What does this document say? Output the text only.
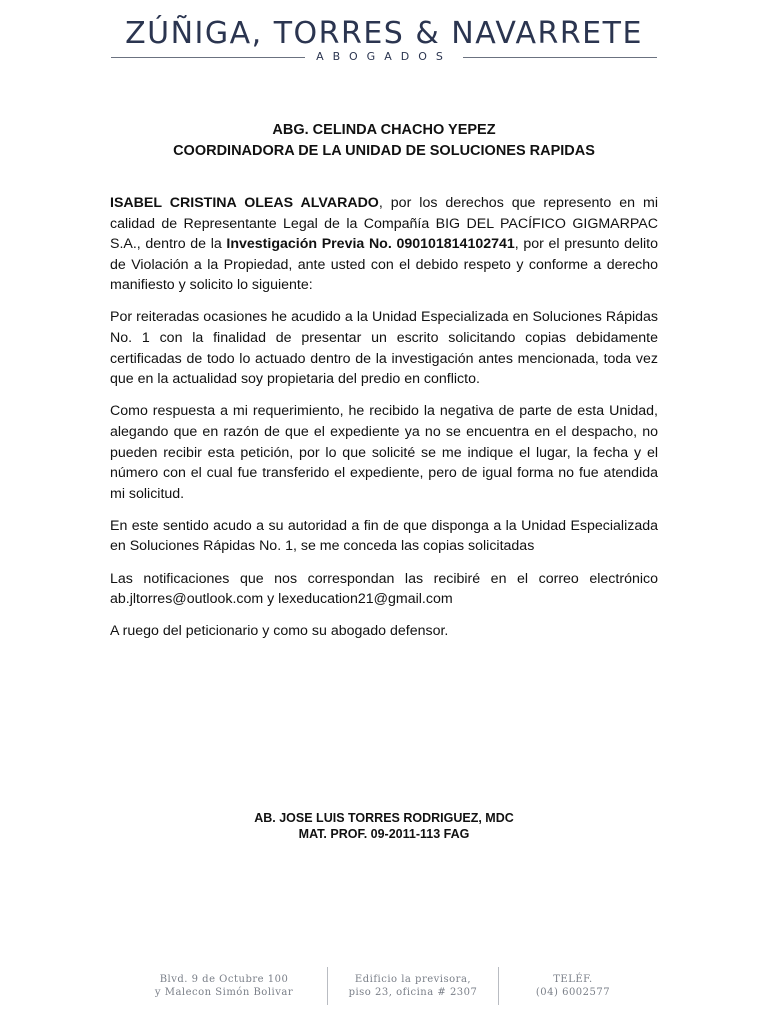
ZÚÑIGA, TORRES & NAVARRETE
ABOGADOS
ABG. CELINDA CHACHO YEPEZ
COORDINADORA DE LA UNIDAD DE SOLUCIONES RAPIDAS

ISABEL CRISTINA OLEAS ALVARADO, por los derechos que represento en mi calidad de Representante Legal de la Compañía BIG DEL PACÍFICO GIGMARPAC S.A., dentro de la Investigación Previa No. 090101814102741, por el presunto delito de Violación a la Propiedad, ante usted con el debido respeto y conforme a derecho manifiesto y solicito lo siguiente:

Por reiteradas ocasiones he acudido a la Unidad Especializada en Soluciones Rápidas No. 1 con la finalidad de presentar un escrito solicitando copias debidamente certificadas de todo lo actuado dentro de la investigación antes mencionada, toda vez que en la actualidad soy propietaria del predio en conflicto.

Como respuesta a mi requerimiento, he recibido la negativa de parte de esta Unidad, alegando que en razón de que el expediente ya no se encuentra en el despacho, no pueden recibir esta petición, por lo que solicité se me indique el lugar, la fecha y el número con el cual fue transferido el expediente, pero de igual forma no fue atendida mi solicitud.

En este sentido acudo a su autoridad a fin de que disponga a la Unidad Especializada en Soluciones Rápidas No. 1, se me conceda las copias solicitadas

Las notificaciones que nos correspondan las recibiré en el correo electrónico ab.jltorres@outlook.com y lexeducation21@gmail.com

A ruego del peticionario y como su abogado defensor.

AB. JOSE LUIS TORRES RODRIGUEZ, MDC
MAT. PROF. 09-2011-113 FAG
Blvd. 9 de Octubre 100
y Malecon Simón Bolivar
Edificio la previsora,
piso 23, oficina # 2307
TELÉF.
(04) 6002577
